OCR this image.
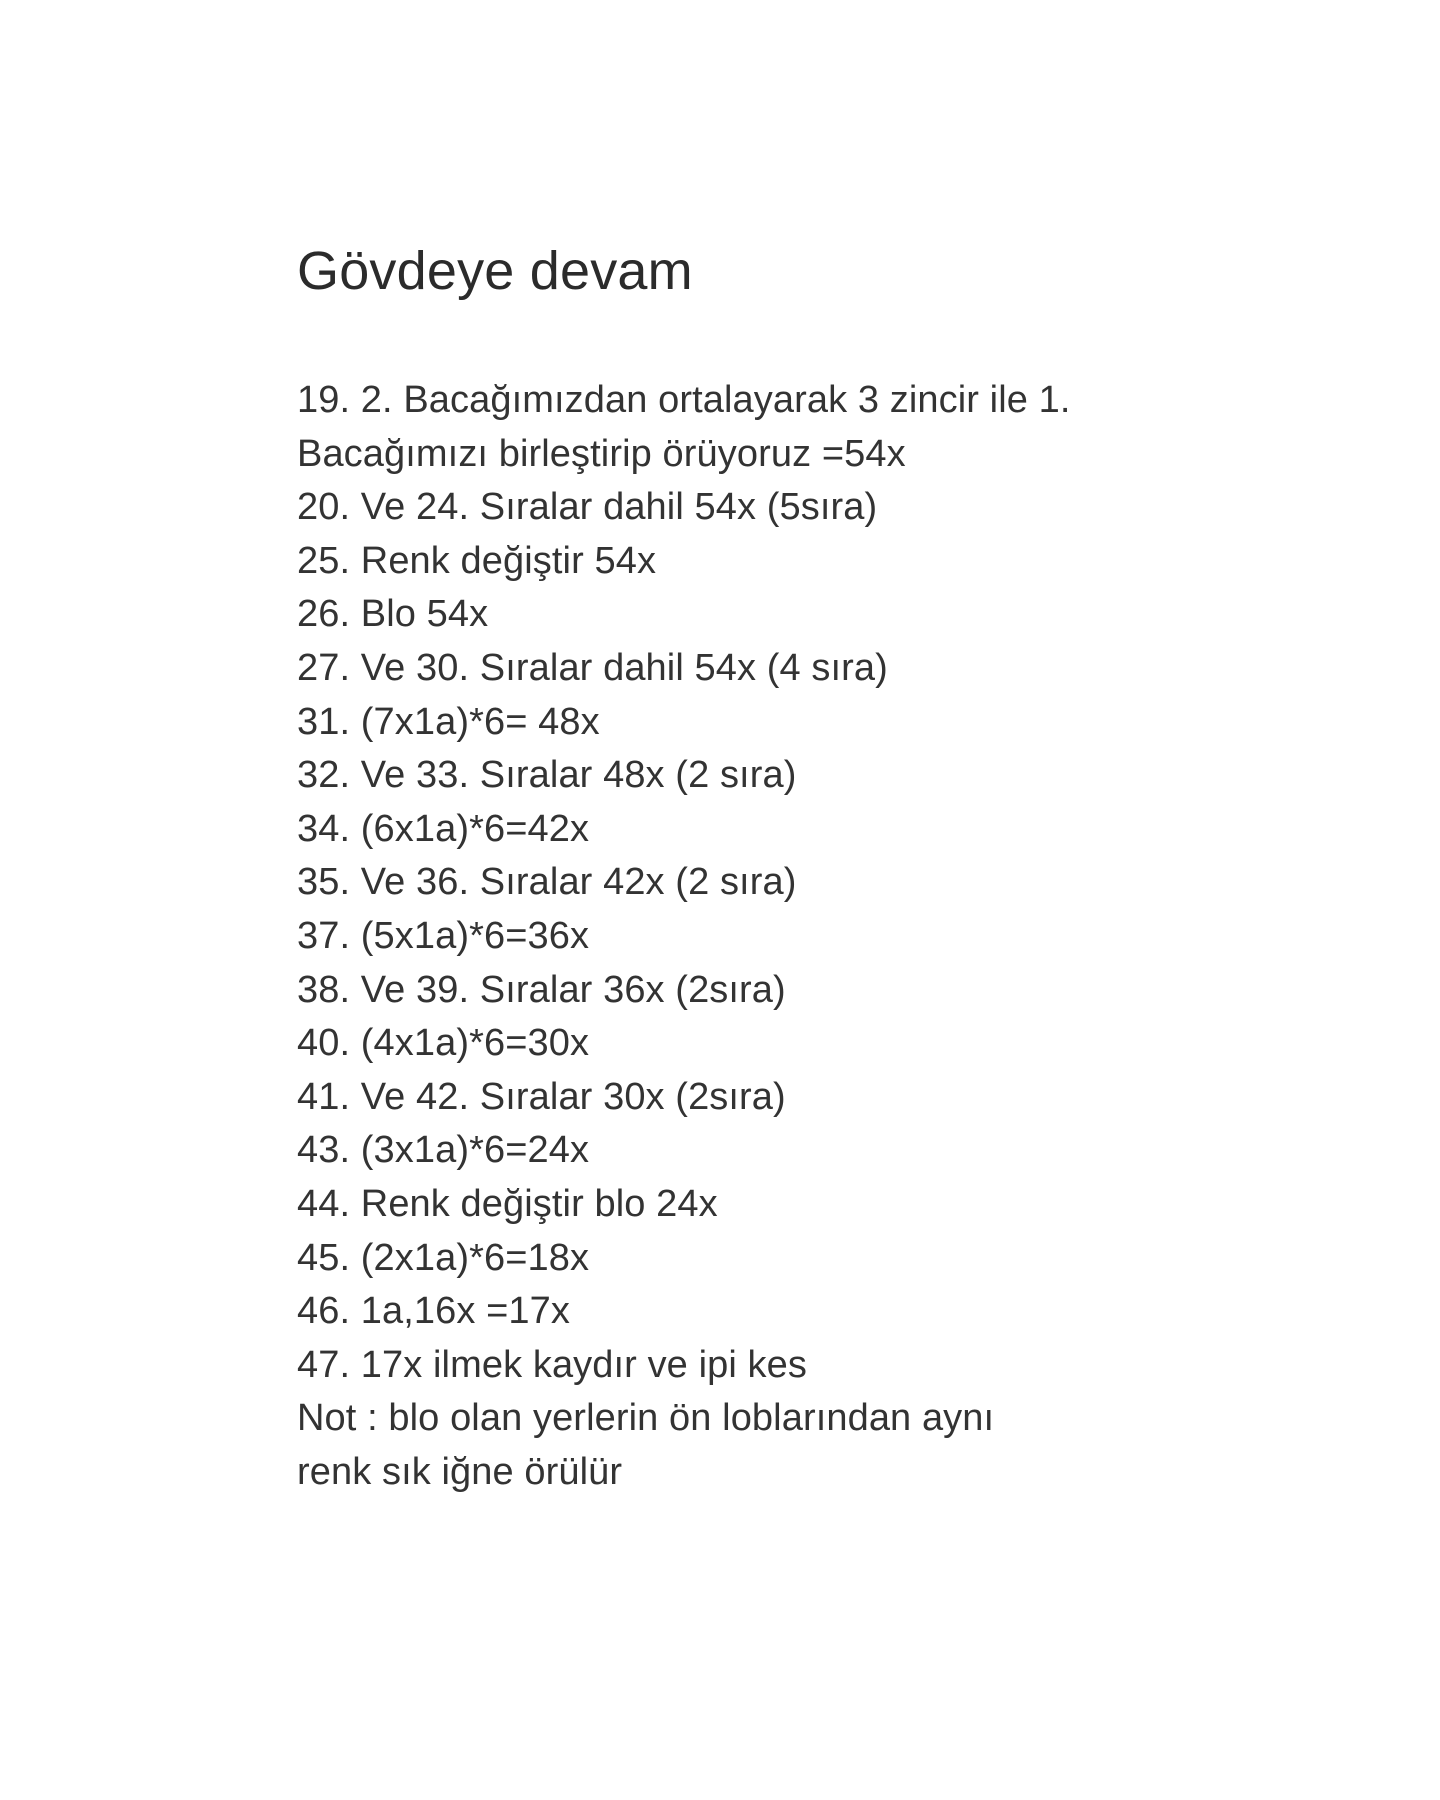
Gövdeye devam
19. 2. Bacağımızdan ortalayarak 3 zincir ile 1.
Bacağımızı birleştirip örüyoruz =54x
20. Ve 24. Sıralar dahil 54x (5sıra)
25. Renk değiştir 54x
26. Blo 54x
27. Ve 30. Sıralar dahil 54x (4 sıra)
31. (7x1a)*6= 48x
32. Ve 33. Sıralar 48x (2 sıra)
34. (6x1a)*6=42x
35. Ve 36. Sıralar 42x (2 sıra)
37. (5x1a)*6=36x
38. Ve 39. Sıralar 36x (2sıra)
40. (4x1a)*6=30x
41. Ve 42. Sıralar 30x (2sıra)
43. (3x1a)*6=24x
44. Renk değiştir blo 24x
45. (2x1a)*6=18x
46. 1a,16x =17x
47. 17x ilmek kaydır ve ipi kes
Not : blo olan yerlerin ön loblarından aynı
renk sık iğne örülür
